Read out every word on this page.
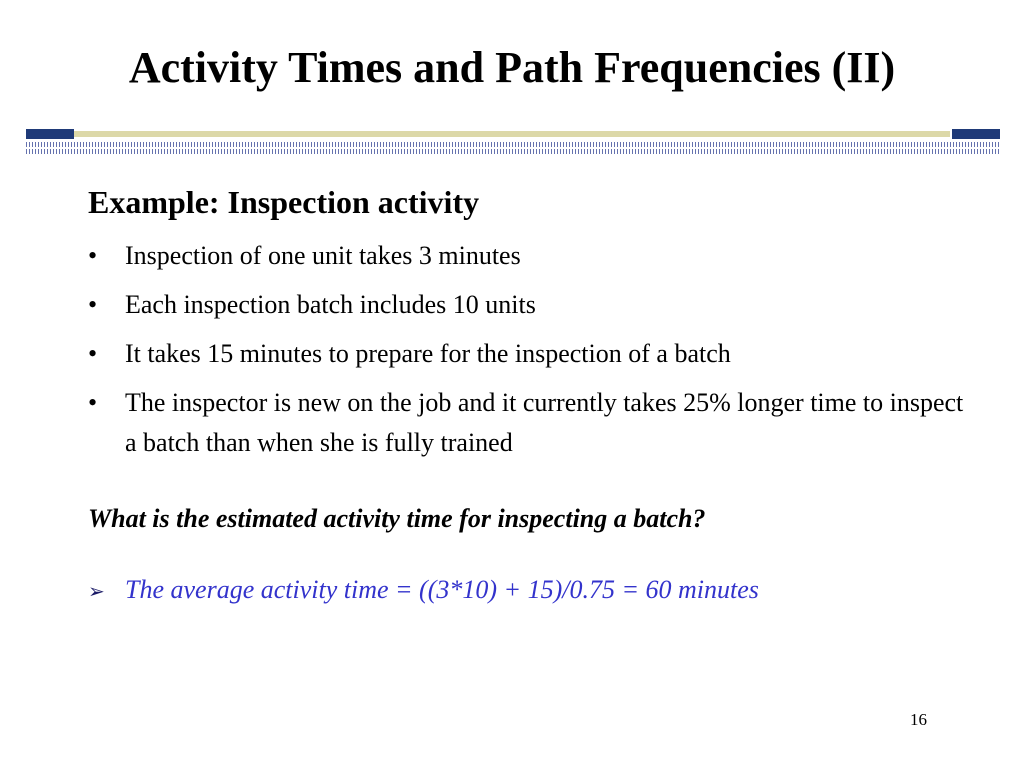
Activity Times and Path Frequencies (II)
Example: Inspection activity
• Inspection of one unit takes 3 minutes
• Each inspection batch includes 10 units
• It takes 15 minutes to prepare for the inspection of a batch
• The inspector is new on the job and it currently takes 25% longer time to inspect a batch than when she is fully trained
What is the estimated activity time for inspecting a batch?
➢ The average activity time = ((3*10) + 15)/0.75 = 60 minutes
16
